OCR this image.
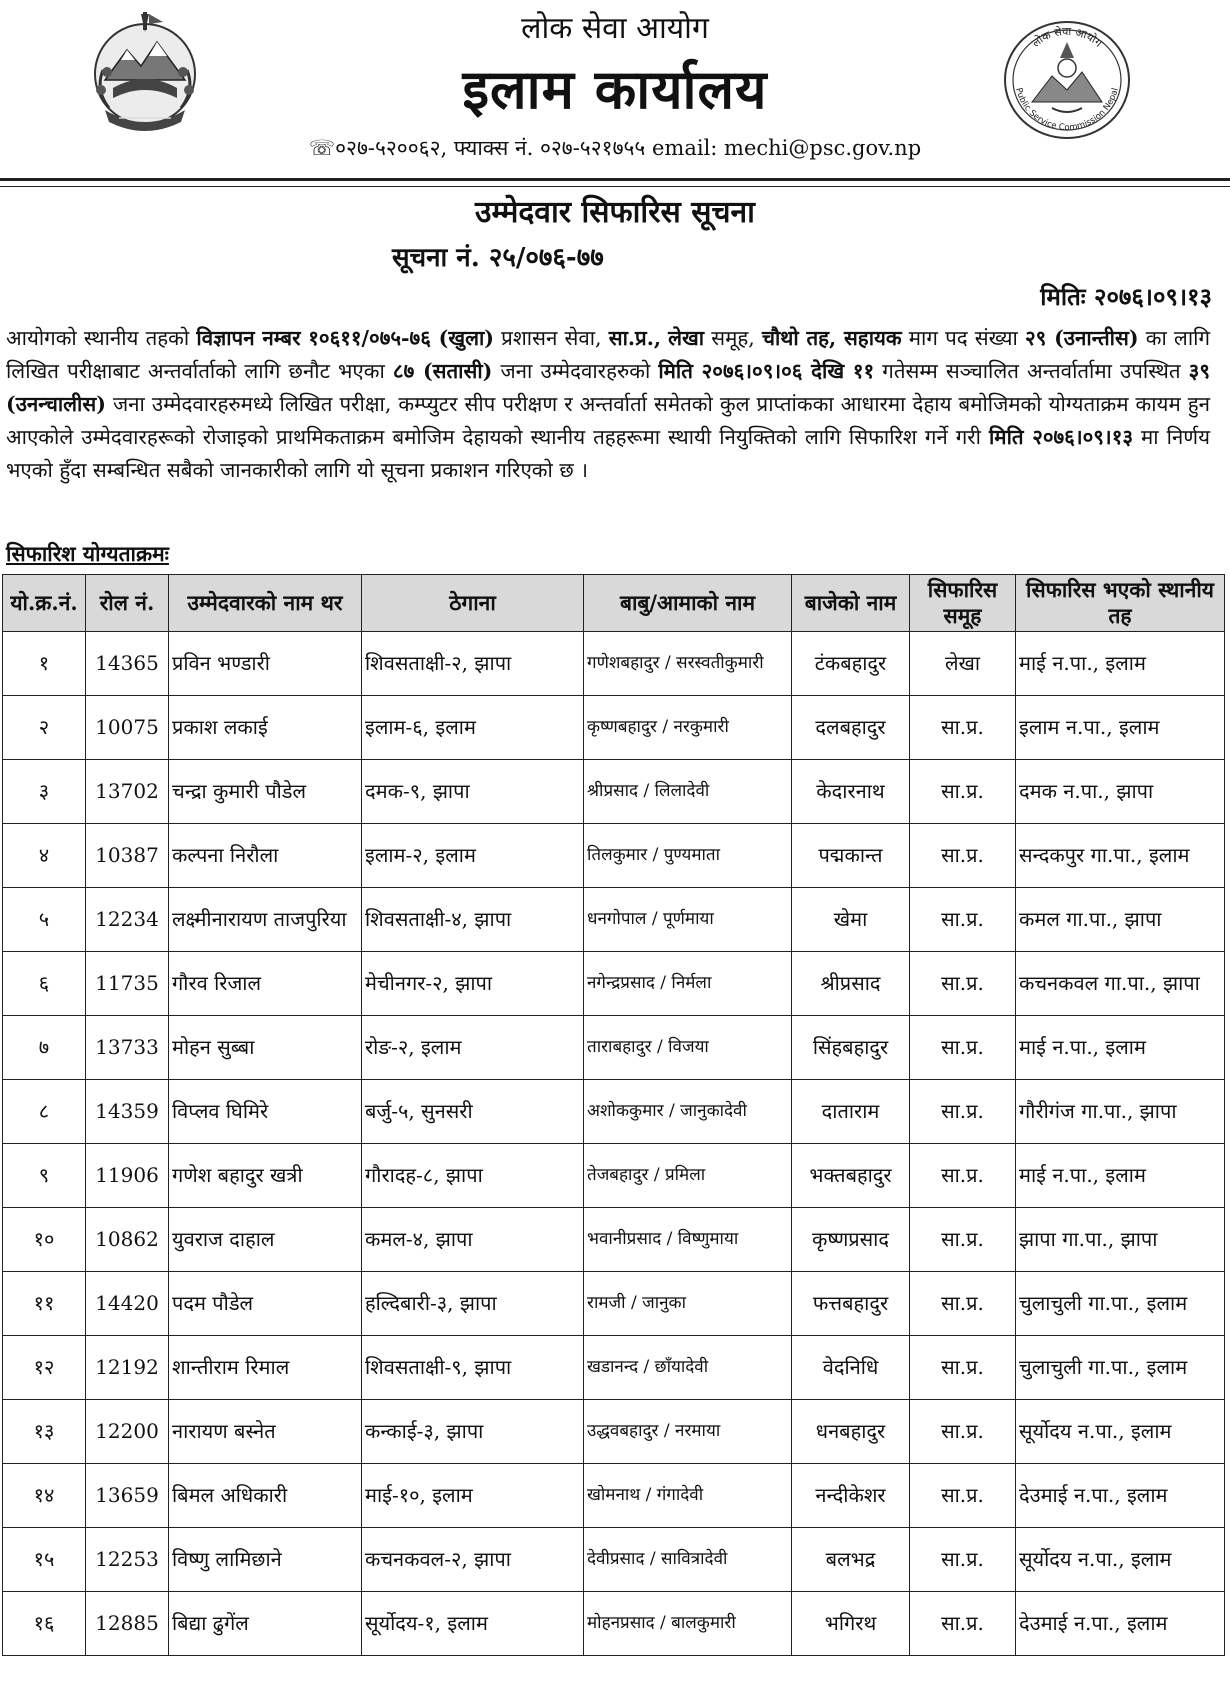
लोक सेवा आयोग
इलाम कार्यालय
☏०२७-५२००६२, फ्याक्स नं. ०२७-५२१७५५ email: mechi@psc.gov.np
लोक सेवा आयोग
Public Service Commission Nepal
उम्मेदवार सिफारिस सूचना
सूचना नं. २५/०७६-७७
मितिः २०७६।०९।१३
आयोगको स्थानीय तहको विज्ञापन नम्बर १०६११/०७५-७६ (खुला) प्रशासन सेवा, सा.प्र., लेखा समूह, चौथो तह, सहायक माग पद संख्या २९ (उनान्तीस) का लागि लिखित परीक्षाबाट अन्तर्वार्ताको लागि छनौट भएका ८७ (सतासी) जना उम्मेदवारहरुको मिति २०७६।०९।०६ देखि ११ गतेसम्म सञ्चालित अन्तर्वार्तामा उपस्थित ३९ (उनन्चालीस) जना उम्मेदवारहरुमध्ये लिखित परीक्षा, कम्प्युटर सीप परीक्षण र अन्तर्वार्ता समेतको कुल प्राप्तांकका आधारमा देहाय बमोजिमको योग्यताक्रम कायम हुन आएकोले उम्मेदवारहरूको रोजाइको प्राथमिकताक्रम बमोजिम देहायको स्थानीय तहहरूमा स्थायी नियुक्तिको लागि सिफारिश गर्ने गरी मिति २०७६।०९।१३ मा निर्णय भएको हुँदा सम्बन्धित सबैको जानकारीको लागि यो सूचना प्रकाशन गरिएको छ ।
सिफारिश योग्यताक्रमः
यो.क्र.नं.	रोल नं.	उम्मेदवारको नाम थर	ठेगाना	बाबु/आमाको नाम	बाजेको नाम	सिफारिस समूह	सिफारिस भएको स्थानीय तह
१	14365	प्रविन भण्डारी	शिवसताक्षी-२, झापा	गणेशबहादुर / सरस्वतीकुमारी	टंकबहादुर	लेखा	माई न.पा., इलाम
२	10075	प्रकाश लकाई	इलाम-६, इलाम	कृष्णबहादुर / नरकुमारी	दलबहादुर	सा.प्र.	इलाम न.पा., इलाम
३	13702	चन्द्रा कुमारी पौडेल	दमक-९, झापा	श्रीप्रसाद / लिलादेवी	केदारनाथ	सा.प्र.	दमक न.पा., झापा
४	10387	कल्पना निरौला	इलाम-२, इलाम	तिलकुमार / पुण्यमाता	पद्मकान्त	सा.प्र.	सन्दकपुर गा.पा., इलाम
५	12234	लक्ष्मीनारायण ताजपुरिया	शिवसताक्षी-४, झापा	धनगोपाल / पूर्णमाया	खेमा	सा.प्र.	कमल गा.पा., झापा
६	11735	गौरव रिजाल	मेचीनगर-२, झापा	नगेन्द्रप्रसाद / निर्मला	श्रीप्रसाद	सा.प्र.	कचनकवल गा.पा., झापा
७	13733	मोहन सुब्बा	रोङ-२, इलाम	ताराबहादुर / विजया	सिंहबहादुर	सा.प्र.	माई न.पा., इलाम
८	14359	विप्लव घिमिरे	बर्जु-५, सुनसरी	अशोककुमार / जानुकादेवी	दाताराम	सा.प्र.	गौरीगंज गा.पा., झापा
९	11906	गणेश बहादुर खत्री	गौरादह-८, झापा	तेजबहादुर / प्रमिला	भक्तबहादुर	सा.प्र.	माई न.पा., इलाम
१०	10862	युवराज दाहाल	कमल-४, झापा	भवानीप्रसाद / विष्णुमाया	कृष्णप्रसाद	सा.प्र.	झापा गा.पा., झापा
११	14420	पदम पौडेल	हल्दिबारी-३, झापा	रामजी / जानुका	फत्तबहादुर	सा.प्र.	चुलाचुली गा.पा., इलाम
१२	12192	शान्तीराम रिमाल	शिवसताक्षी-९, झापा	खडानन्द / छाँयादेवी	वेदनिधि	सा.प्र.	चुलाचुली गा.पा., इलाम
१३	12200	नारायण बस्नेत	कन्काई-३, झापा	उद्धवबहादुर / नरमाया	धनबहादुर	सा.प्र.	सूर्योदय न.पा., इलाम
१४	13659	बिमल अधिकारी	माई-१०, इलाम	खोमनाथ / गंगादेवी	नन्दीकेशर	सा.प्र.	देउमाई न.पा., इलाम
१५	12253	विष्णु लामिछाने	कचनकवल-२, झापा	देवीप्रसाद / सावित्रादेवी	बलभद्र	सा.प्र.	सूर्योदय न.पा., इलाम
१६	12885	बिद्या ढुगेंल	सूर्योदय-१, इलाम	मोहनप्रसाद / बालकुमारी	भगिरथ	सा.प्र.	देउमाई न.पा., इलाम
